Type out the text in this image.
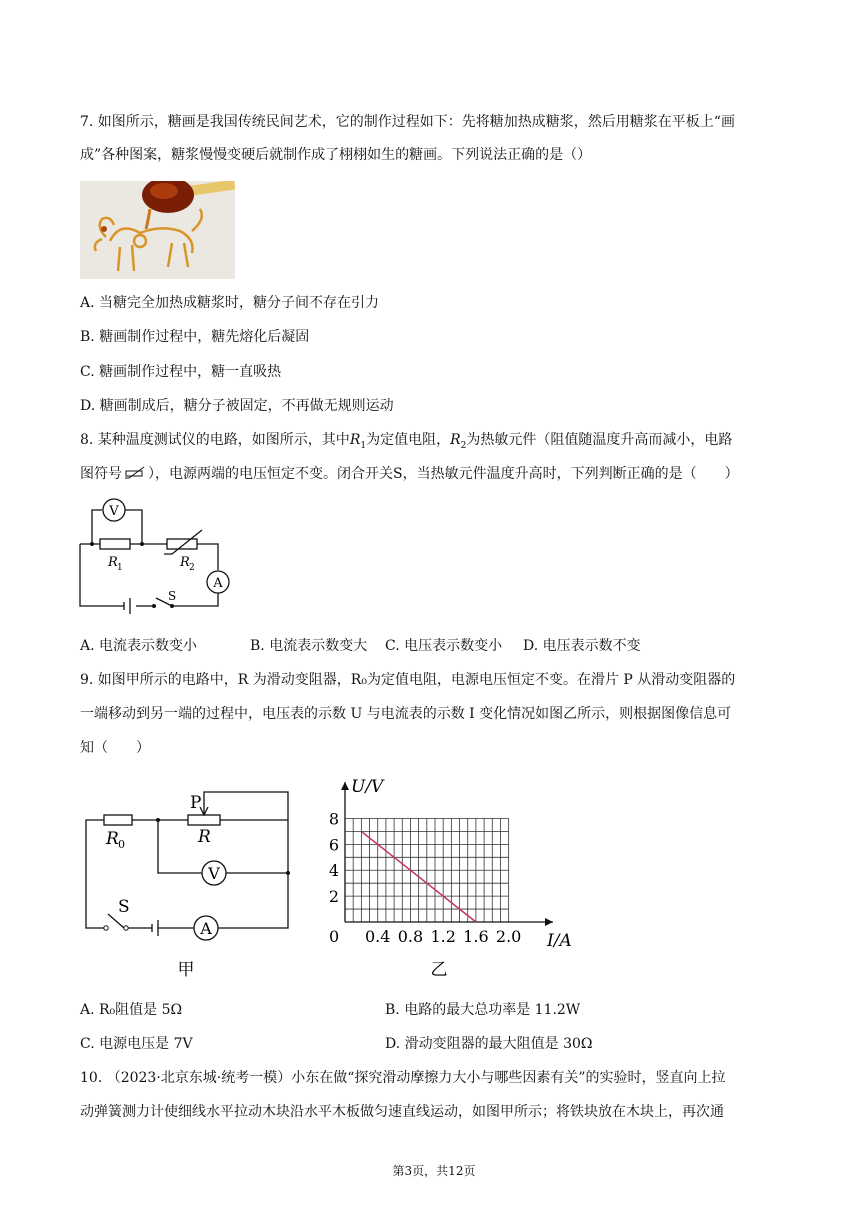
7. 如图所示，糖画是我国传统民间艺术，它的制作过程如下：先将糖加热成糖浆，然后用糖浆在平板上“画
成”各种图案，糖浆慢慢变硬后就制作成了栩栩如生的糖画。下列说法正确的是（）
A. 当糖完全加热成糖浆时，糖分子间不存在引力
B. 糖画制作过程中，糖先熔化后凝固
C. 糖画制作过程中，糖一直吸热
D. 糖画制成后，糖分子被固定，不再做无规则运动
8. 某种温度测试仪的电路，如图所示，其中$R_1$为定值电阻，$R_2$为热敏元件（阻值随温度升高而减小，电路
图符号 ），电源两端的电压恒定不变。闭合开关S，当热敏元件温度升高时，下列判断正确的是（　　）
V
A
R 1	R 2
S
A. 电流表示数变小	B. 电流表示数变大 C. 电压表示数变小 D. 电压表示数不变
9. 如图甲所示的电路中，R 为滑动变阻器，R₀为定值电阻，电源电压恒定不变。在滑片 P 从滑动变阻器的
一端移动到另一端的过程中，电压表的示数 U 与电流表的示数 I 变化情况如图乙所示，则根据图像信息可
知（　　）
P
R
R 0
V
A
S
甲
0.4 0.8 1.2 1.6 2.0
2
4
6
8
U/V
I/A
0
乙
A. R₀阻值是 5Ω	B. 电路的最大总功率是 11.2W
C. 电源电压是 7V	D. 滑动变阻器的最大阻值是 30Ω
10. （2023·北京东城·统考一模）小东在做“探究滑动摩擦力大小与哪些因素有关”的实验时，竖直向上拉
动弹簧测力计使细线水平拉动木块沿水平木板做匀速直线运动，如图甲所示；将铁块放在木块上，再次通
第3页，共12页
